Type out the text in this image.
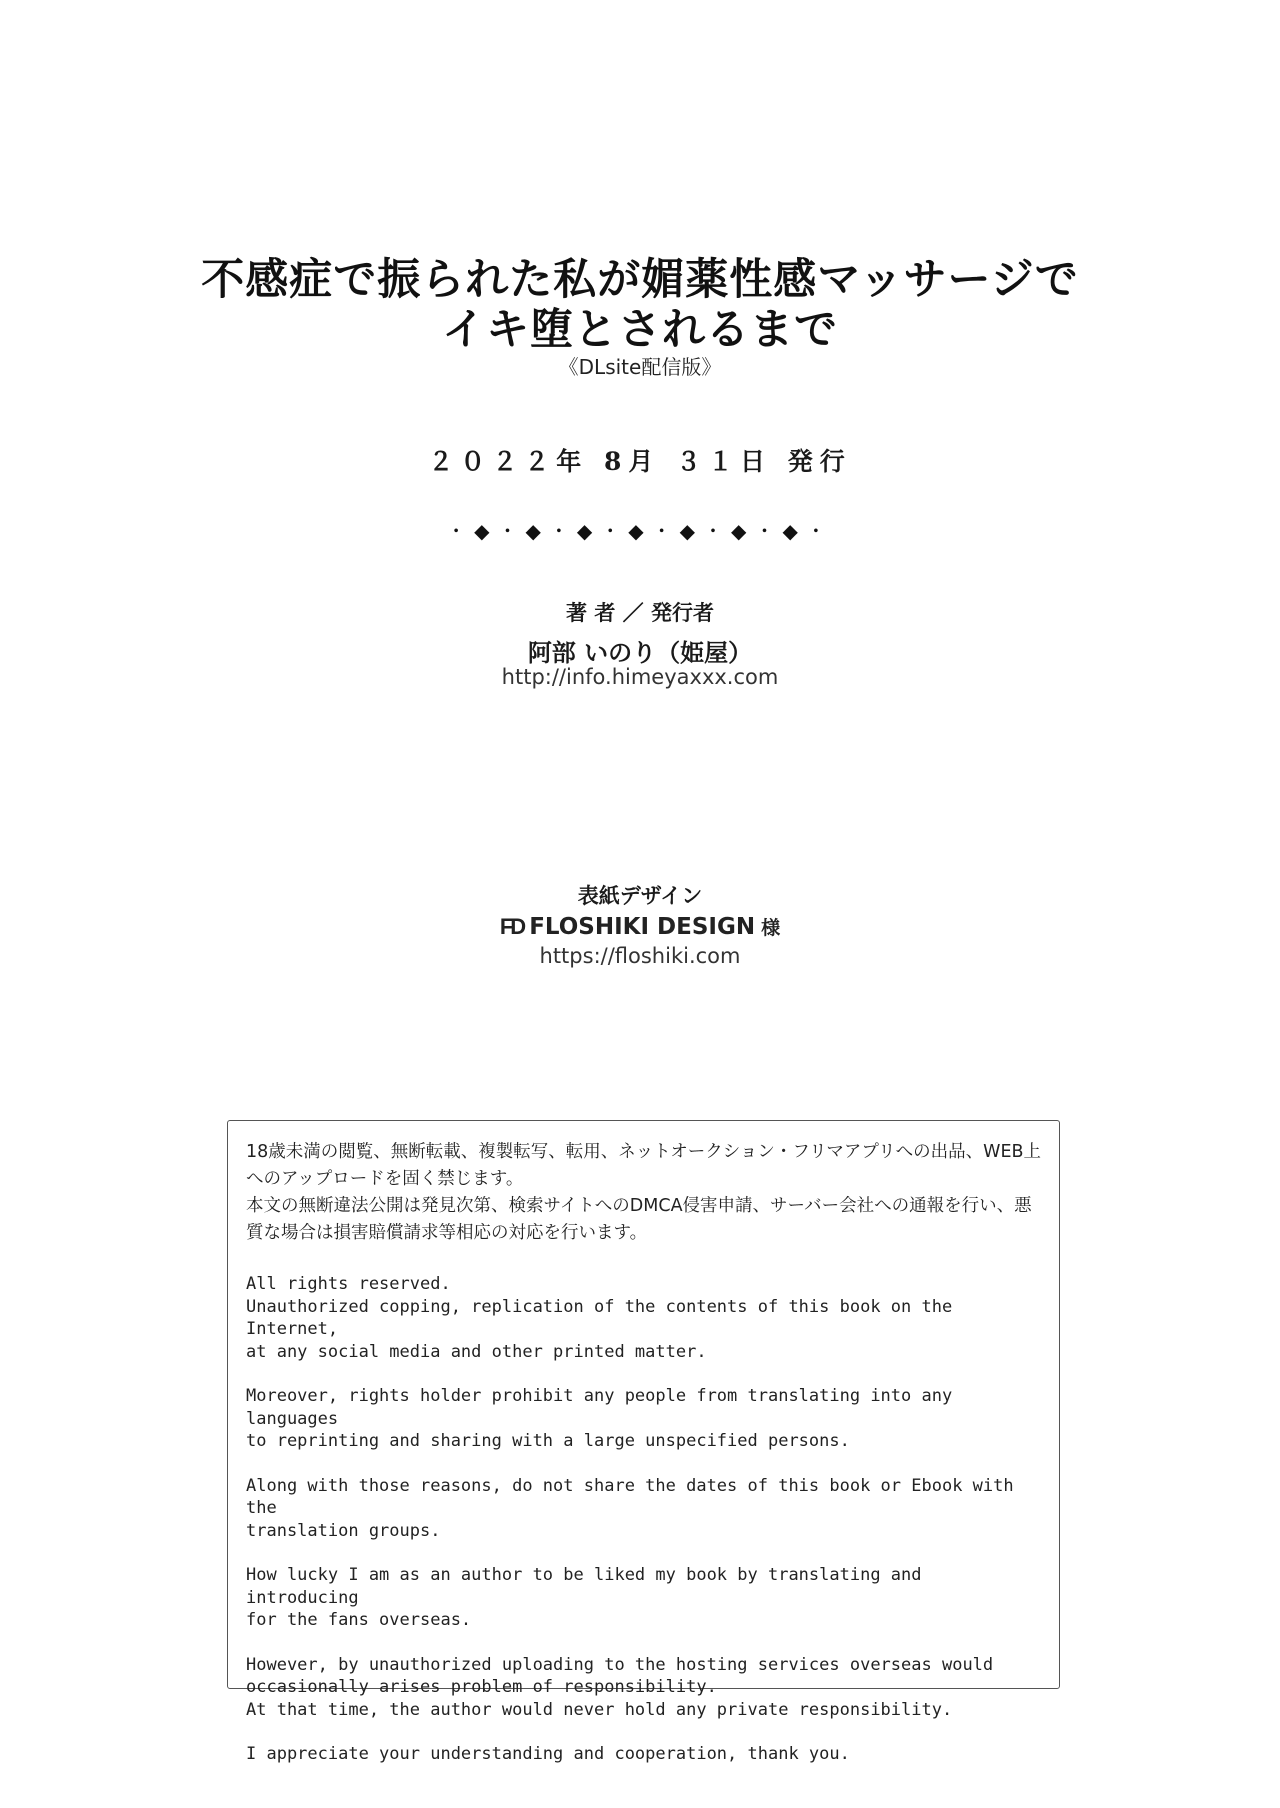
不感症で振られた私が媚薬性感マッサージで
イキ堕とされるまで
《DLsite配信版》
２０２２年 8月 ３１日 発行
・◆・◆・◆・◆・◆・◆・◆・
著 者 ／ 発行者
阿部 いのり（姫屋）
http://info.himeyaxxx.com
表紙デザイン
FD FLOSHIKI DESIGN 様
https://floshiki.com

18歳未満の閲覧、無断転載、複製転写、転用、ネットオークション・フリマアプリへの出品、WEB上へのアップロードを固く禁じます。

本文の無断違法公開は発見次第、検索サイトへのDMCA侵害申請、サーバー会社への通報を行い、悪質な場合は損害賠償請求等相応の対応を行います。

All rights reserved.
Unauthorized copping, replication of the contents of this book on the Internet,
at any social media and other printed matter.

Moreover, rights holder prohibit any people from translating into any languages
to reprinting and sharing with a large unspecified persons.

Along with those reasons, do not share the dates of this book or Ebook with the
translation groups.

How lucky I am as an author to be liked my book by translating and introducing
for the fans overseas.

However, by unauthorized uploading to the hosting services overseas would
occasionally arises problem of responsibility.
At that time, the author would never hold any private responsibility.

I appreciate your understanding and cooperation, thank you.
